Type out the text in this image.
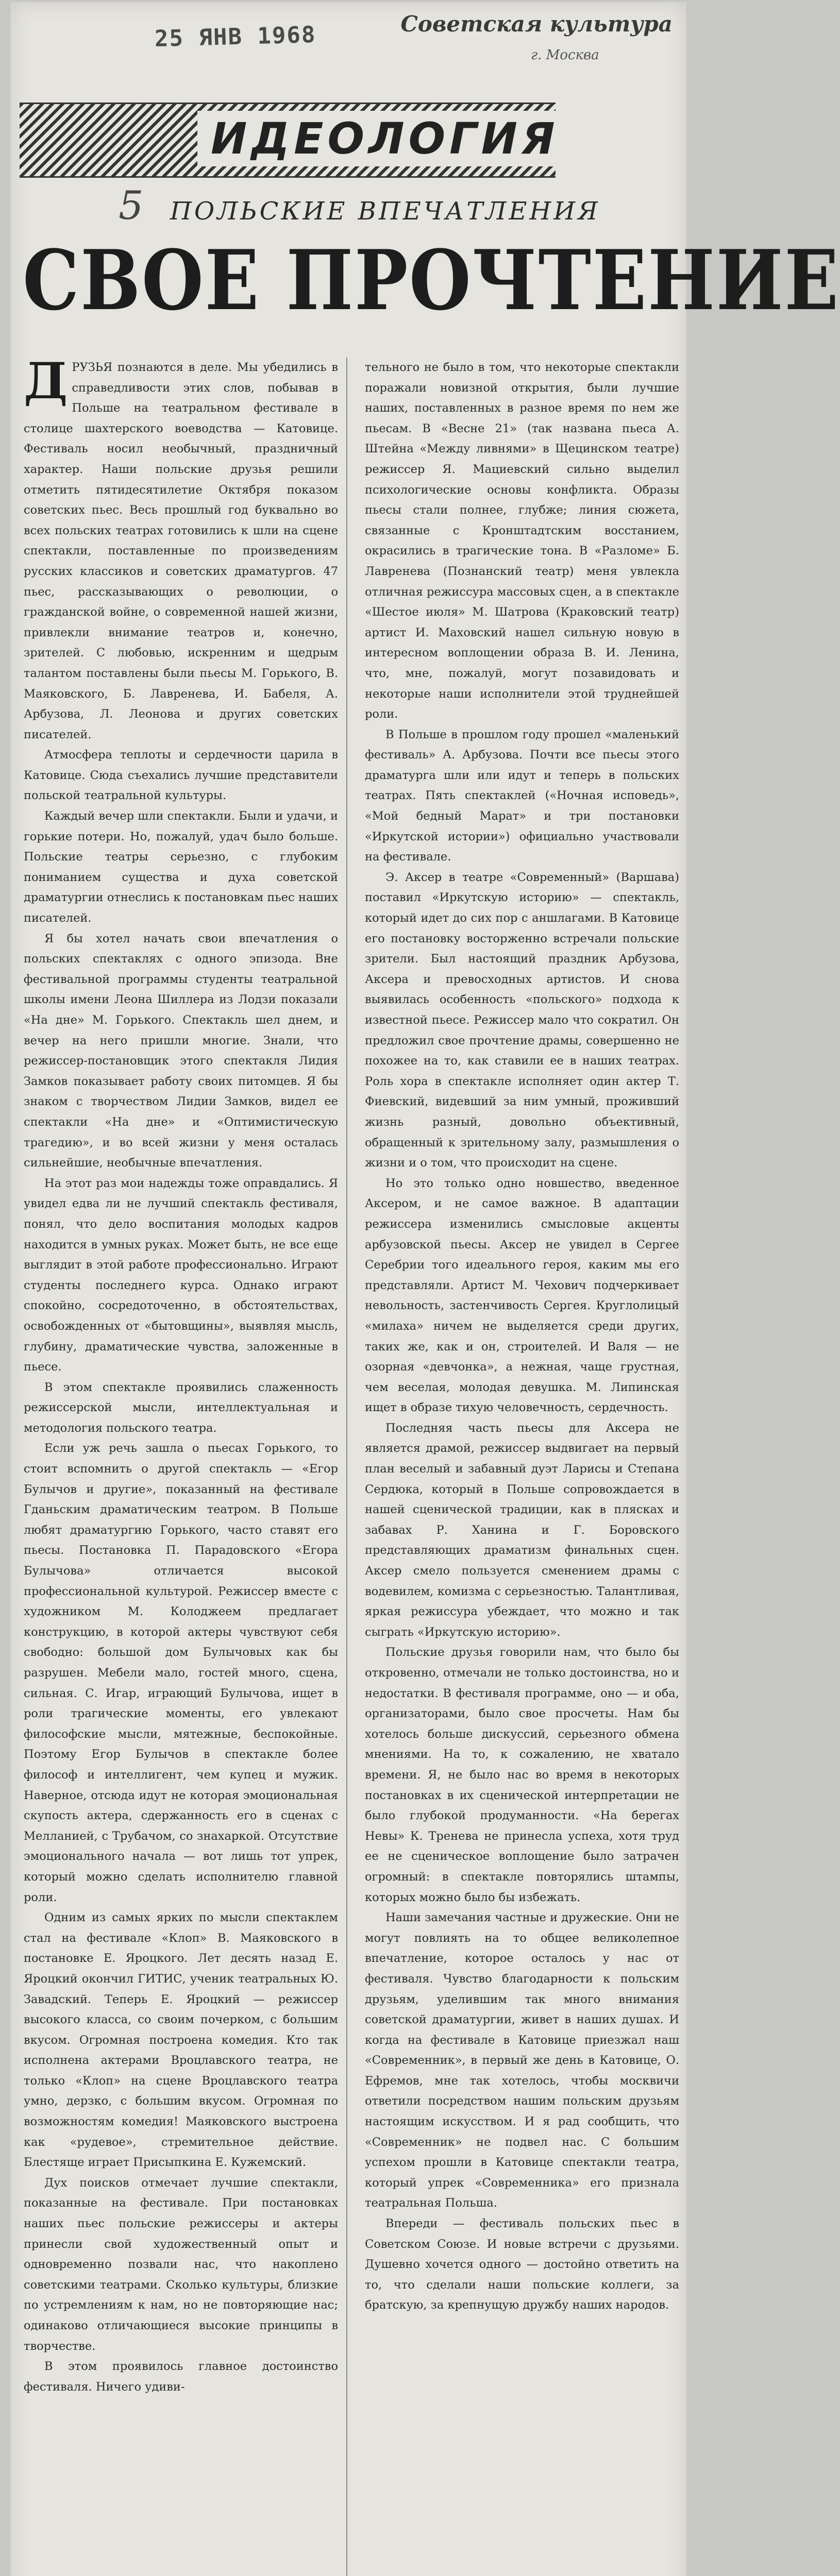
25 ЯНВ 1968	Советская культура
г. Москва
ИДЕОЛОГИЯ
5 ПОЛЬСКИЕ ВПЕЧАТЛЕНИЯ
СВОЕ ПРОЧТЕНИЕ

ДРУЗЬЯ познаются в деле. Мы убедились в справедливости этих слов, побывав в Польше на театральном фестивале в столице шахтерского воеводства — Катовице. Фестиваль носил необычный, праздничный характер. Наши польские друзья решили отметить пятидесятилетие Октября показом советских пьес. Весь прошлый год буквально во всех польских театрах готовились к шли на сцене спектакли, поставленные по произведениям русских классиков и советских драматургов. 47 пьес, рассказывающих о революции, о гражданской войне, о современной нашей жизни, привлекли внимание театров и, конечно, зрителей. С любовью, искренним и щедрым талантом поставлены были пьесы М. Горького, В. Маяковского, Б. Лавренева, И. Бабеля, А. Арбузова, Л. Леонова и других советских писателей.

Атмосфера теплоты и сердечности царила в Катовице. Сюда съехались лучшие представители польской театральной культуры.

Каждый вечер шли спектакли. Были и удачи, и горькие потери. Но, пожалуй, удач было больше. Польские театры серьезно, с глубоким пониманием существа и духа советской драматургии отнеслись к постановкам пьес наших писателей.

Я бы хотел начать свои впечатления о польских спектаклях с одного эпизода. Вне фестивальной программы студенты театральной школы имени Леона Шиллера из Лодзи показали «На дне» М. Горького. Спектакль шел днем, и вечер на него пришли многие. Знали, что режиссер-постановщик этого спектакля Лидия Замков показывает работу своих питомцев. Я бы знаком с творчеством Лидии Замков, видел ее спектакли «На дне» и «Оптимистическую трагедию», и во всей жизни у меня осталась сильнейшие, необычные впечатления.

На этот раз мои надежды тоже оправдались. Я увидел едва ли не лучший спектакль фестиваля, понял, что дело воспитания молодых кадров находится в умных руках. Может быть, не все еще выглядит в этой работе профессионально. Играют студенты последнего курса. Однако играют спокойно, сосредоточенно, в обстоятельствах, освобожденных от «бытовщины», выявляя мысль, глубину, драматические чувства, заложенные в пьесе.

В этом спектакле проявились слаженность режиссерской мысли, интеллектуальная и методология польского театра.

Если уж речь зашла о пьесах Горького, то стоит вспомнить о другой спектакль — «Егор Булычов и другие», показанный на фестивале Гданьским драматическим театром. В Польше любят драматургию Горького, часто ставят его пьесы. Постановка П. Парадовского «Егора Булычова» отличается высокой профессиональной культурой. Режиссер вместе с художником М. Колоджеем предлагает конструкцию, в которой актеры чувствуют себя свободно: большой дом Булычовых как бы разрушен. Мебели мало, гостей много, сцена, сильная. С. Игар, играющий Булычова, ищет в роли трагические моменты, его увлекают философские мысли, мятежные, беспокойные. Поэтому Егор Булычов в спектакле более философ и интеллигент, чем купец и мужик. Наверное, отсюда идут не которая эмоциональная скупость актера, сдержанность его в сценах с Мелланией, с Трубачом, со знахаркой. Отсутствие эмоционального начала — вот лишь тот упрек, который можно сделать исполнителю главной роли.

Одним из самых ярких по мысли спектаклем стал на фестивале «Клоп» В. Маяковского в постановке Е. Яроцкого. Лет десять назад Е. Яроцкий окончил ГИТИС, ученик театральных Ю. Завадский. Теперь Е. Яроцкий — режиссер высокого класса, со своим почерком, с большим вкусом. Огромная построена комедия. Кто так исполнена актерами Вроцлавского театра, не только «Клоп» на сцене Вроцлавского театра умно, дерзко, с большим вкусом. Огромная по возможностям комедия! Маяковского выстроена как «рудевое», стремительное действие. Блестяще играет Присыпкина Е. Кужемский.

Дух поисков отмечает лучшие спектакли, показанные на фестивале. При постановках наших пьес польские режиссеры и актеры принесли свой художественный опыт и одновременно позвали нас, что накоплено советскими театрами. Сколько культуры, близкие по устремлениям к нам, но не повторяющие нас; одинаково отличающиеся высокие принципы в творчестве.

В этом проявилось главное достоинство фестиваля. Ничего удиви-

тельного не было в том, что некоторые спектакли поражали новизной открытия, были лучшие наших, поставленных в разное время по нем же пьесам. В «Весне 21» (так названа пьеса А. Штейна «Между ливнями» в Щецинском театре) режиссер Я. Мациевский сильно выделил психологические основы конфликта. Образы пьесы стали полнее, глубже; линия сюжета, связанные с Кронштадтским восстанием, окрасились в трагические тона. В «Разломе» Б. Лавренева (Познанский театр) меня увлекла отличная режиссура массовых сцен, а в спектакле «Шестое июля» М. Шатрова (Краковский театр) артист И. Маховский нашел сильную новую в интересном воплощении образа В. И. Ленина, что, мне, пожалуй, могут позавидовать и некоторые наши исполнители этой труднейшей роли.

В Польше в прошлом году прошел «маленький фестиваль» А. Арбузова. Почти все пьесы этого драматурга шли или идут и теперь в польских театрах. Пять спектаклей («Ночная исповедь», «Мой бедный Марат» и три постановки «Иркутской истории») официально участвовали на фестивале.

Э. Аксер в театре «Современный» (Варшава) поставил «Иркутскую историю» — спектакль, который идет до сих пор с аншлагами. В Катовице его постановку восторженно встречали польские зрители. Был настоящий праздник Арбузова, Аксера и превосходных артистов. И снова выявилась особенность «польского» подхода к известной пьесе. Режиссер мало что сократил. Он предложил свое прочтение драмы, совершенно не похожее на то, как ставили ее в наших театрах. Роль хора в спектакле исполняет один актер Т. Фиевский, видевший за ним умный, проживший жизнь разный, довольно объективный, обращенный к зрительному залу, размышления о жизни и о том, что происходит на сцене.

Но это только одно новшество, введенное Аксером, и не самое важное. В адаптации режиссера изменились смысловые акценты арбузовской пьесы. Аксер не увидел в Сергее Серебрии того идеального героя, каким мы его представляли. Артист М. Чехович подчеркивает невольность, застенчивость Сергея. Круглолицый «милаха» ничем не выделяется среди других, таких же, как и он, строителей. И Валя — не озорная «девчонка», а нежная, чаще грустная, чем веселая, молодая девушка. М. Липинская ищет в образе тихую человечность, сердечность.

Последняя часть пьесы для Аксера не является драмой, режиссер выдвигает на первый план веселый и забавный дуэт Ларисы и Степана Сердюка, который в Польше сопровождается в нашей сценической традиции, как в плясках и забавах Р. Ханина и Г. Боровского представляющих драматизм финальных сцен. Аксер смело пользуется сменением драмы с водевилем, комизма с серьезностью. Талантливая, яркая режиссура убеждает, что можно и так сыграть «Иркутскую историю».

Польские друзья говорили нам, что было бы откровенно, отмечали не только достоинства, но и недостатки. В фестиваля программе, оно — и оба, организаторами, было свое просчеты. Нам бы хотелось больше дискуссий, серьезного обмена мнениями. На то, к сожалению, не хватало времени. Я, не было нас во время в некоторых постановках в их сценической интерпретации не было глубокой продуманности. «На берегах Невы» К. Тренева не принесла успеха, хотя труд ее не сценическое воплощение было затрачен огромный: в спектакле повторялись штампы, которых можно было бы избежать.

Наши замечания частные и дружеские. Они не могут повлиять на то общее великолепное впечатление, которое осталось у нас от фестиваля. Чувство благодарности к польским друзьям, уделившим так много внимания советской драматургии, живет в наших душах. И когда на фестивале в Катовице приезжал наш «Современник», в первый же день в Катовице, О. Ефремов, мне так хотелось, чтобы москвичи ответили посредством нашим польским друзьям настоящим искусством. И я рад сообщить, что «Современник» не подвел нас. С большим успехом прошли в Катовице спектакли театра, который упрек «Современника» его признала театральная Польша.

Впереди — фестиваль польских пьес в Советском Союзе. И новые встречи с друзьями. Душевно хочется одного — достойно ответить на то, что сделали наши польские коллеги, за братскую, за крепнущую дружбу наших народов.
